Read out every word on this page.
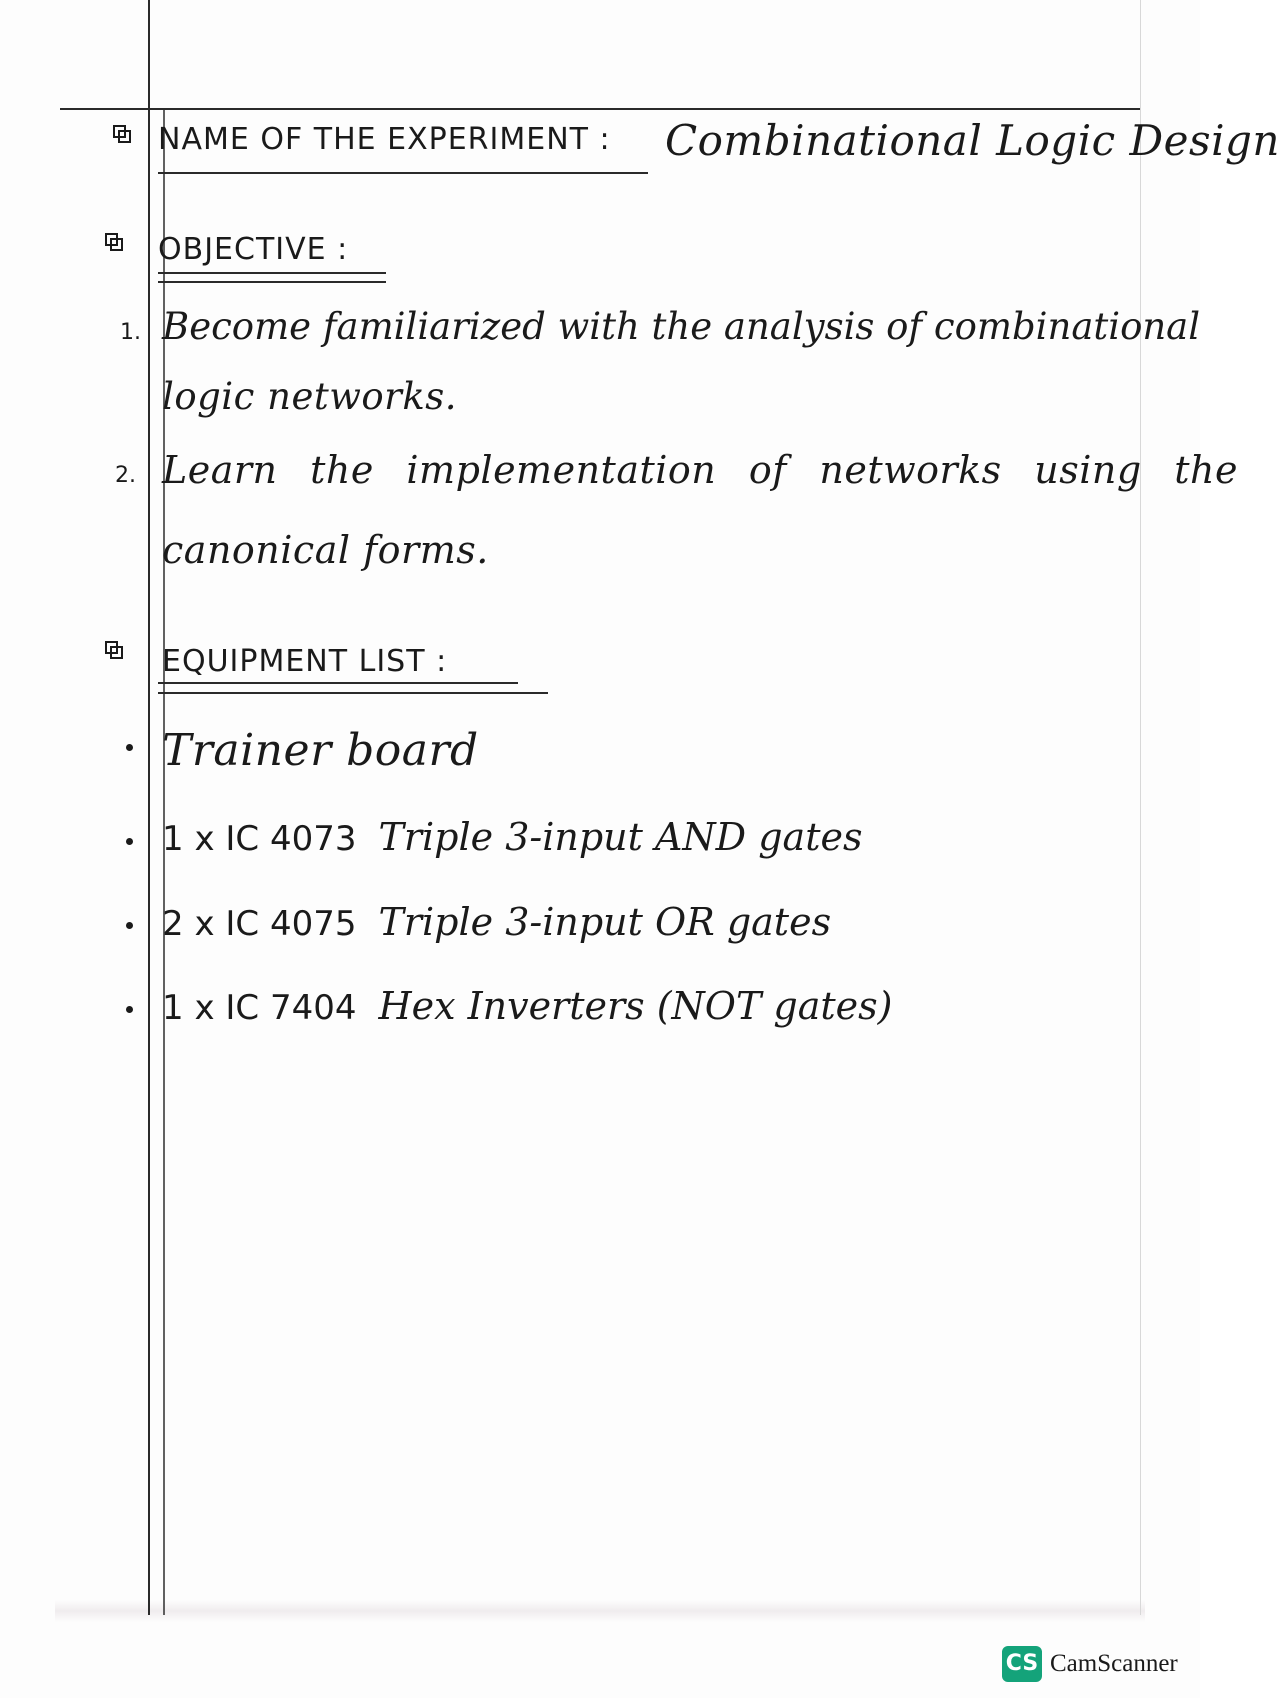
NAME OF THE EXPERIMENT : Combinational Logic Design
OBJECTIVE :
1. Become familiarized with the analysis of combinational
logic networks.
2. Learn the implementation of networks using the
canonical forms.
EQUIPMENT LIST :
Trainer board
1 x IC 4073 Triple 3-input AND gates
2 x IC 4075 Triple 3-input OR gates
1 x IC 7404 Hex Inverters (NOT gates)
CS CamScanner
